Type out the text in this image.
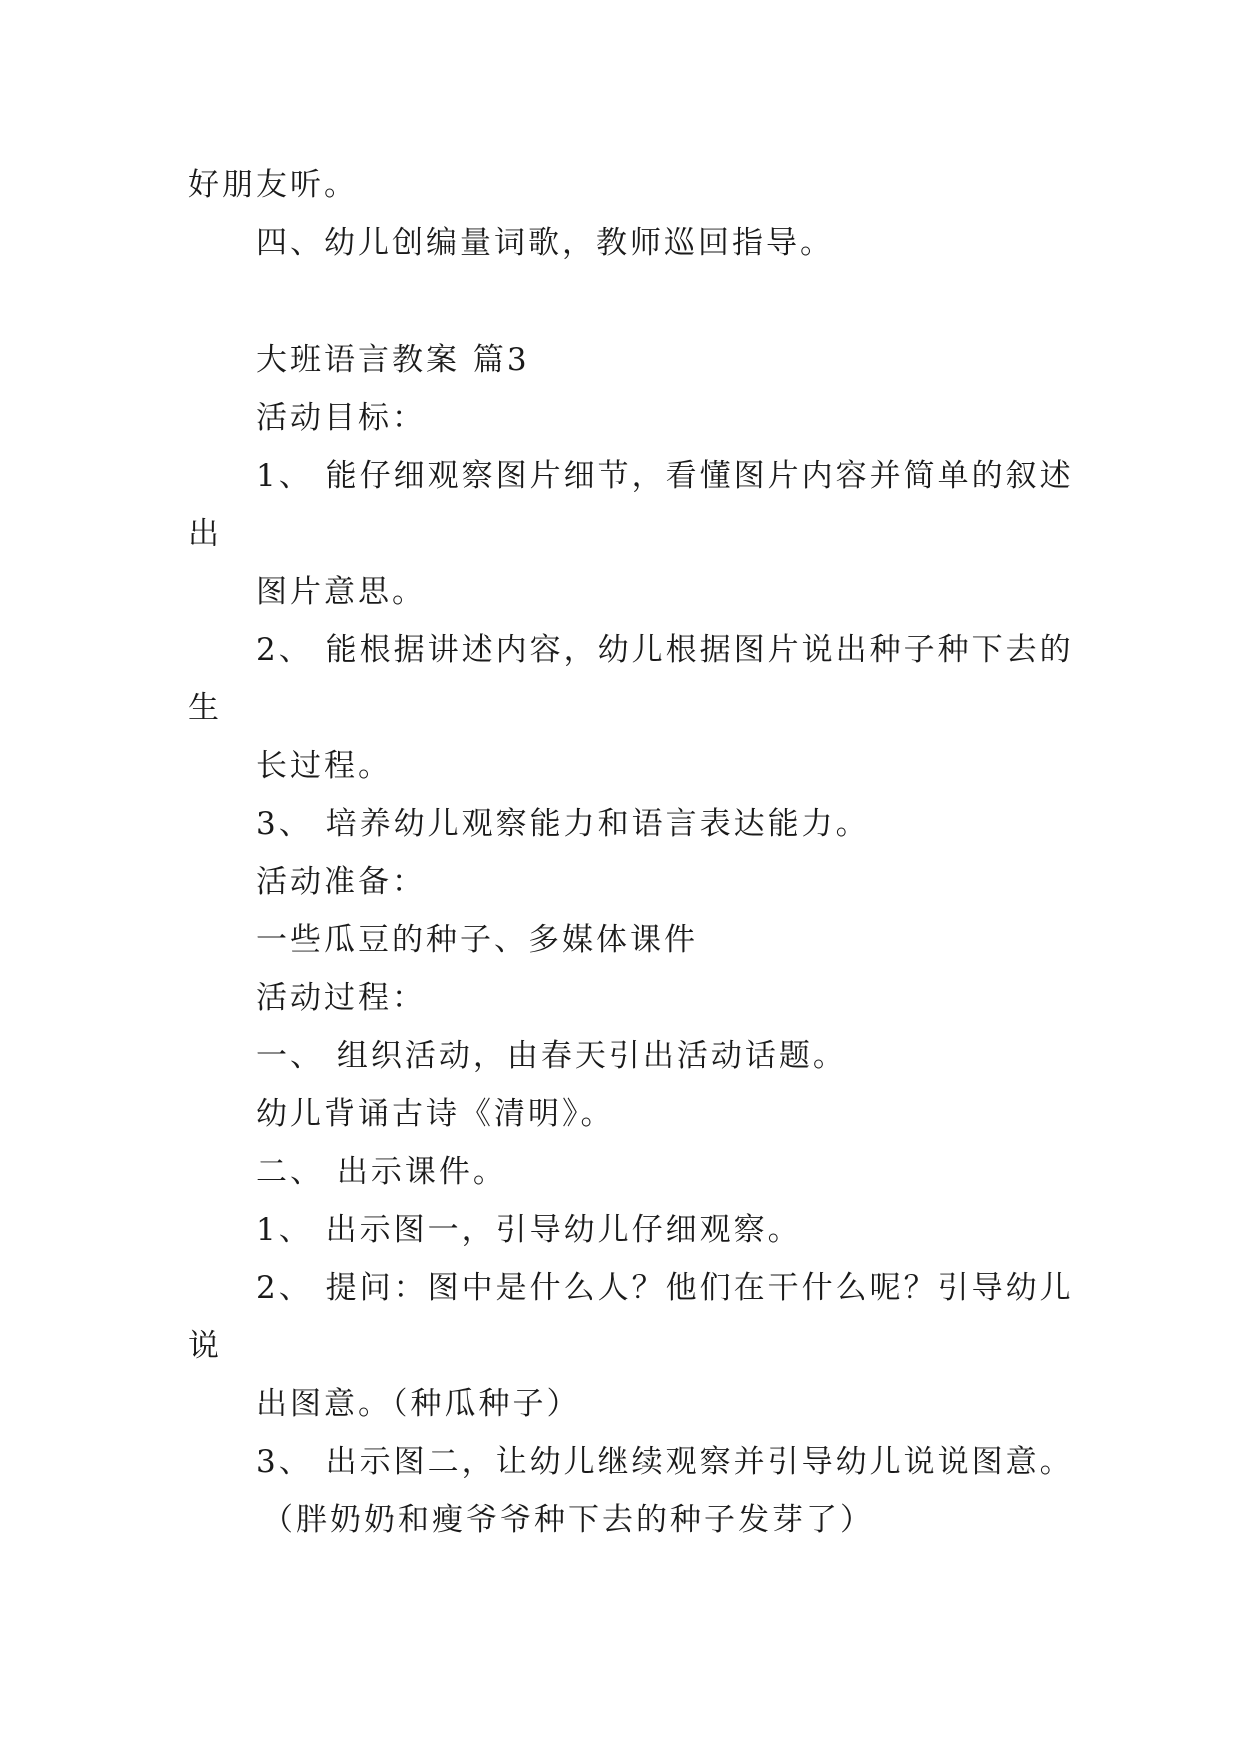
好朋友听。
四、幼儿创编量词歌，教师巡回指导。
大班语言教案 篇3
活动目标：
1、 能仔细观察图片细节，看懂图片内容并简单的叙述
出
图片意思。
2、 能根据讲述内容，幼儿根据图片说出种子种下去的
生
长过程。
3、 培养幼儿观察能力和语言表达能力。
活动准备：
一些瓜豆的种子、多媒体课件
活动过程：
一、 组织活动，由春天引出活动话题。
幼儿背诵古诗《清明》。
二、 出示课件。
1、 出示图一，引导幼儿仔细观察。
2、 提问：图中是什么人？他们在干什么呢？引导幼儿
说
出图意。（种瓜种子）
3、 出示图二，让幼儿继续观察并引导幼儿说说图意。
（胖奶奶和瘦爷爷种下去的种子发芽了）
